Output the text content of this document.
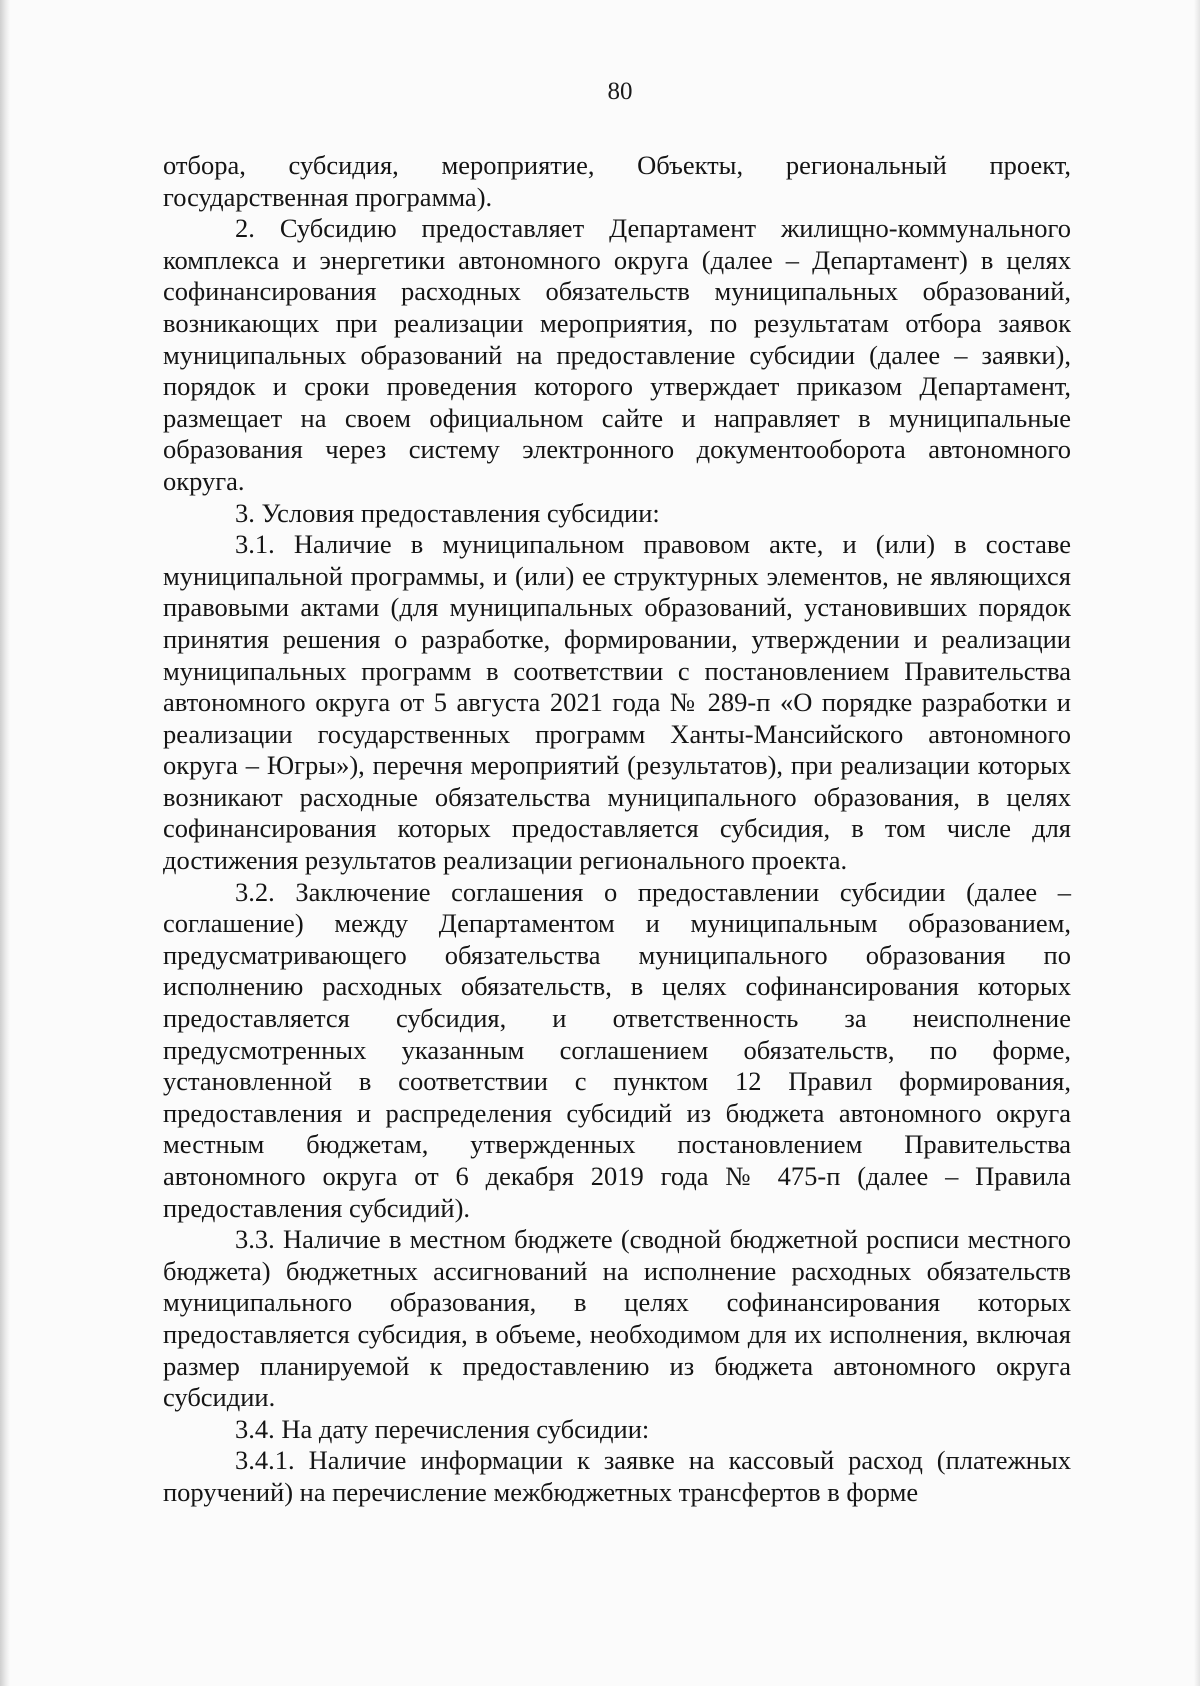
80

отбора, субсидия, мероприятие, Объекты, региональный проект, государственная программа).

2. Субсидию предоставляет Департамент жилищно-коммунального комплекса и энергетики автономного округа (далее – Департамент) в целях софинансирования расходных обязательств муниципальных образований, возникающих при реализации мероприятия, по результатам отбора заявок муниципальных образований на предоставление субсидии (далее – заявки), порядок и сроки проведения которого утверждает приказом Департамент, размещает на своем официальном сайте и направляет в муниципальные образования через систему электронного документооборота автономного округа.

3. Условия предоставления субсидии:

3.1. Наличие в муниципальном правовом акте, и (или) в составе муниципальной программы, и (или) ее структурных элементов, не являющихся правовыми актами (для муниципальных образований, установивших порядок принятия решения о разработке, формировании, утверждении и реализации муниципальных программ в соответствии с постановлением Правительства автономного округа от 5 августа 2021 года № 289-п «О порядке разработки и реализации государственных программ Ханты-Мансийского автономного округа – Югры»), перечня мероприятий (результатов), при реализации которых возникают расходные обязательства муниципального образования, в целях софинансирования которых предоставляется субсидия, в том числе для достижения результатов реализации регионального проекта.

3.2. Заключение соглашения о предоставлении субсидии (далее – соглашение) между Департаментом и муниципальным образованием, предусматривающего обязательства муниципального образования по исполнению расходных обязательств, в целях софинансирования которых предоставляется субсидия, и ответственность за неисполнение предусмотренных указанным соглашением обязательств, по форме, установленной в соответствии с пунктом 12 Правил формирования, предоставления и распределения субсидий из бюджета автономного округа местным бюджетам, утвержденных постановлением Правительства автономного округа от 6 декабря 2019 года № 475-п (далее – Правила предоставления субсидий).

3.3. Наличие в местном бюджете (сводной бюджетной росписи местного бюджета) бюджетных ассигнований на исполнение расходных обязательств муниципального образования, в целях софинансирования которых предоставляется субсидия, в объеме, необходимом для их исполнения, включая размер планируемой к предоставлению из бюджета автономного округа субсидии.

3.4. На дату перечисления субсидии:

3.4.1. Наличие информации к заявке на кассовый расход (платежных поручений) на перечисление межбюджетных трансфертов в форме
